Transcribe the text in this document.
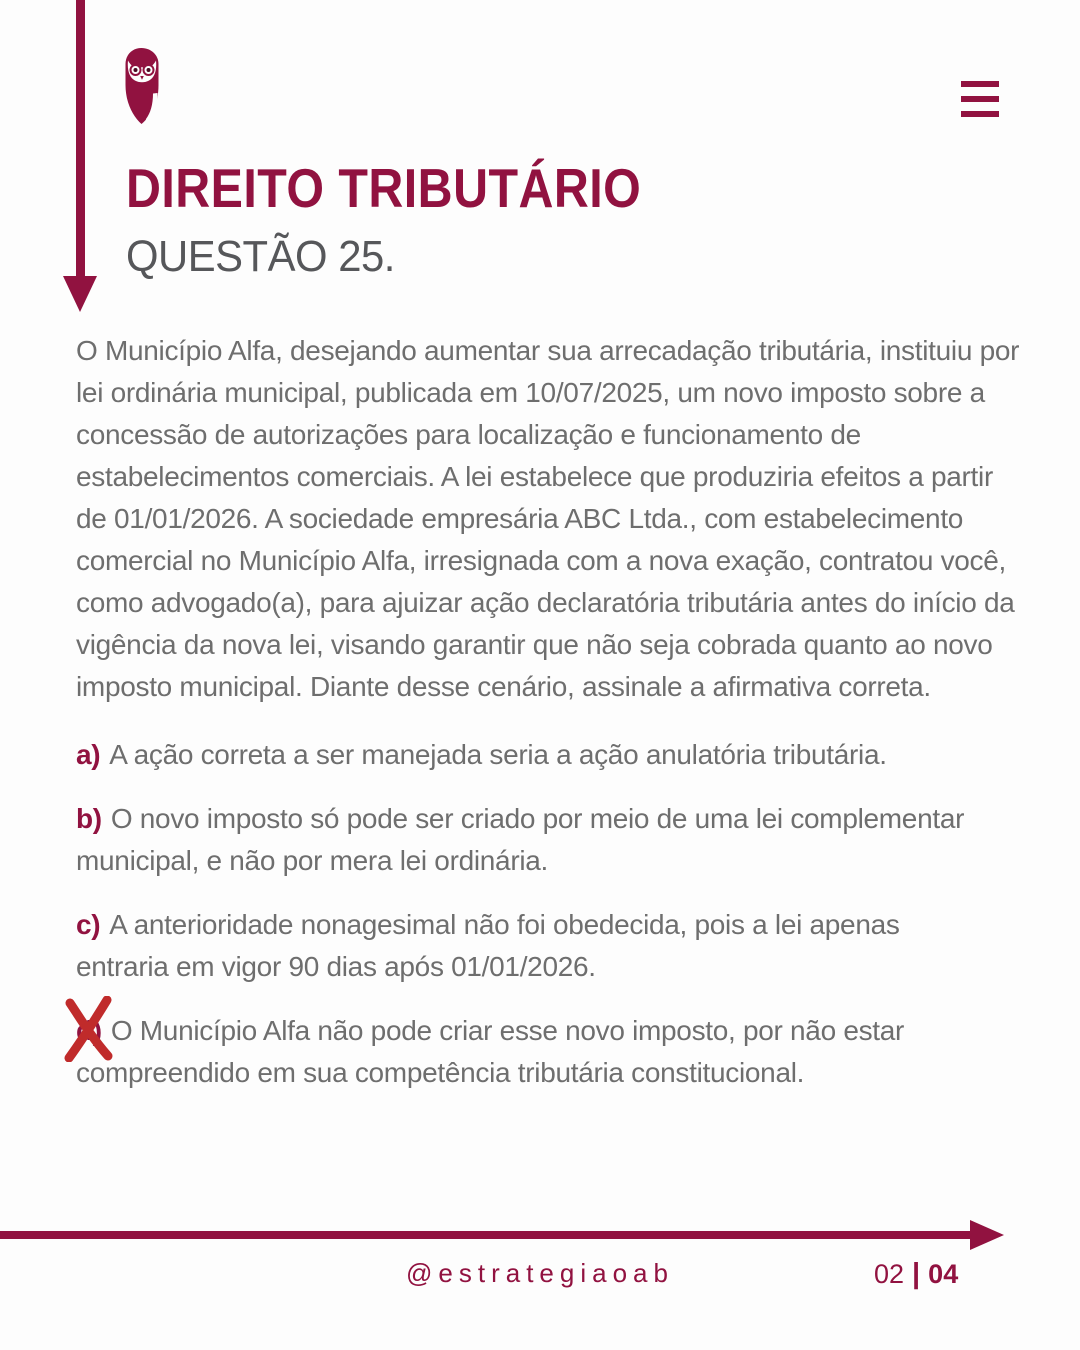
DIREITO TRIBUTÁRIO
QUESTÃO 25.

O Município Alfa, desejando aumentar sua arrecadação tributária, instituiu por lei ordinária municipal, publicada em 10/07/2025, um novo imposto sobre a concessão de autorizações para localização e funcionamento de estabelecimentos comerciais. A lei estabelece que produziria efeitos a partir de 01/01/2026. A sociedade empresária ABC Ltda., com estabelecimento comercial no Município Alfa, irresignada com a nova exação, contratou você, como advogado(a), para ajuizar ação declaratória tributária antes do início da vigência da nova lei, visando garantir que não seja cobrada quanto ao novo imposto municipal. Diante desse cenário, assinale a afirmativa correta.

a) A ação correta a ser manejada seria a ação anulatória tributária.
b) O novo imposto só pode ser criado por meio de uma lei complementar municipal, e não por mera lei ordinária.
c) A anterioridade nonagesimal não foi obedecida, pois a lei apenas entraria em vigor 90 dias após 01/01/2026.
d) O Município Alfa não pode criar esse novo imposto, por não estar compreendido em sua competência tributária constitucional.
@estrategiaoab	02 | 04
